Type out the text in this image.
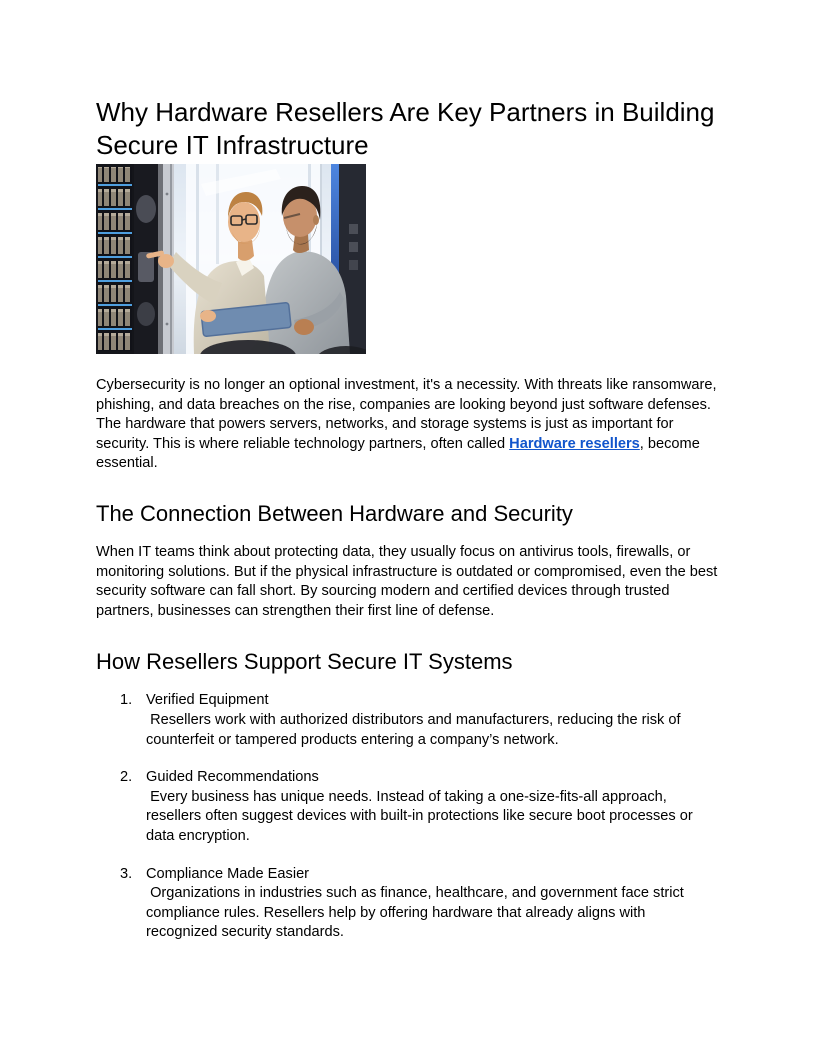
Why Hardware Resellers Are Key Partners in Building Secure IT Infrastructure

Cybersecurity is no longer an optional investment, it's a necessity. With threats like ransomware, phishing, and data breaches on the rise, companies are looking beyond just software defenses. The hardware that powers servers, networks, and storage systems is just as important for security. This is where reliable technology partners, often called Hardware resellers, become essential.

The Connection Between Hardware and Security

When IT teams think about protecting data, they usually focus on antivirus tools, firewalls, or monitoring solutions. But if the physical infrastructure is outdated or compromised, even the best security software can fall short. By sourcing modern and certified devices through trusted partners, businesses can strengthen their first line of defense.

How Resellers Support Secure IT Systems
1. Verified Equipment
Resellers work with authorized distributors and manufacturers, reducing the risk of counterfeit or tampered products entering a company’s network.
2. Guided Recommendations
Every business has unique needs. Instead of taking a one-size-fits-all approach, resellers often suggest devices with built-in protections like secure boot processes or data encryption.
3. Compliance Made Easier
Organizations in industries such as finance, healthcare, and government face strict compliance rules. Resellers help by offering hardware that already aligns with recognized security standards.
